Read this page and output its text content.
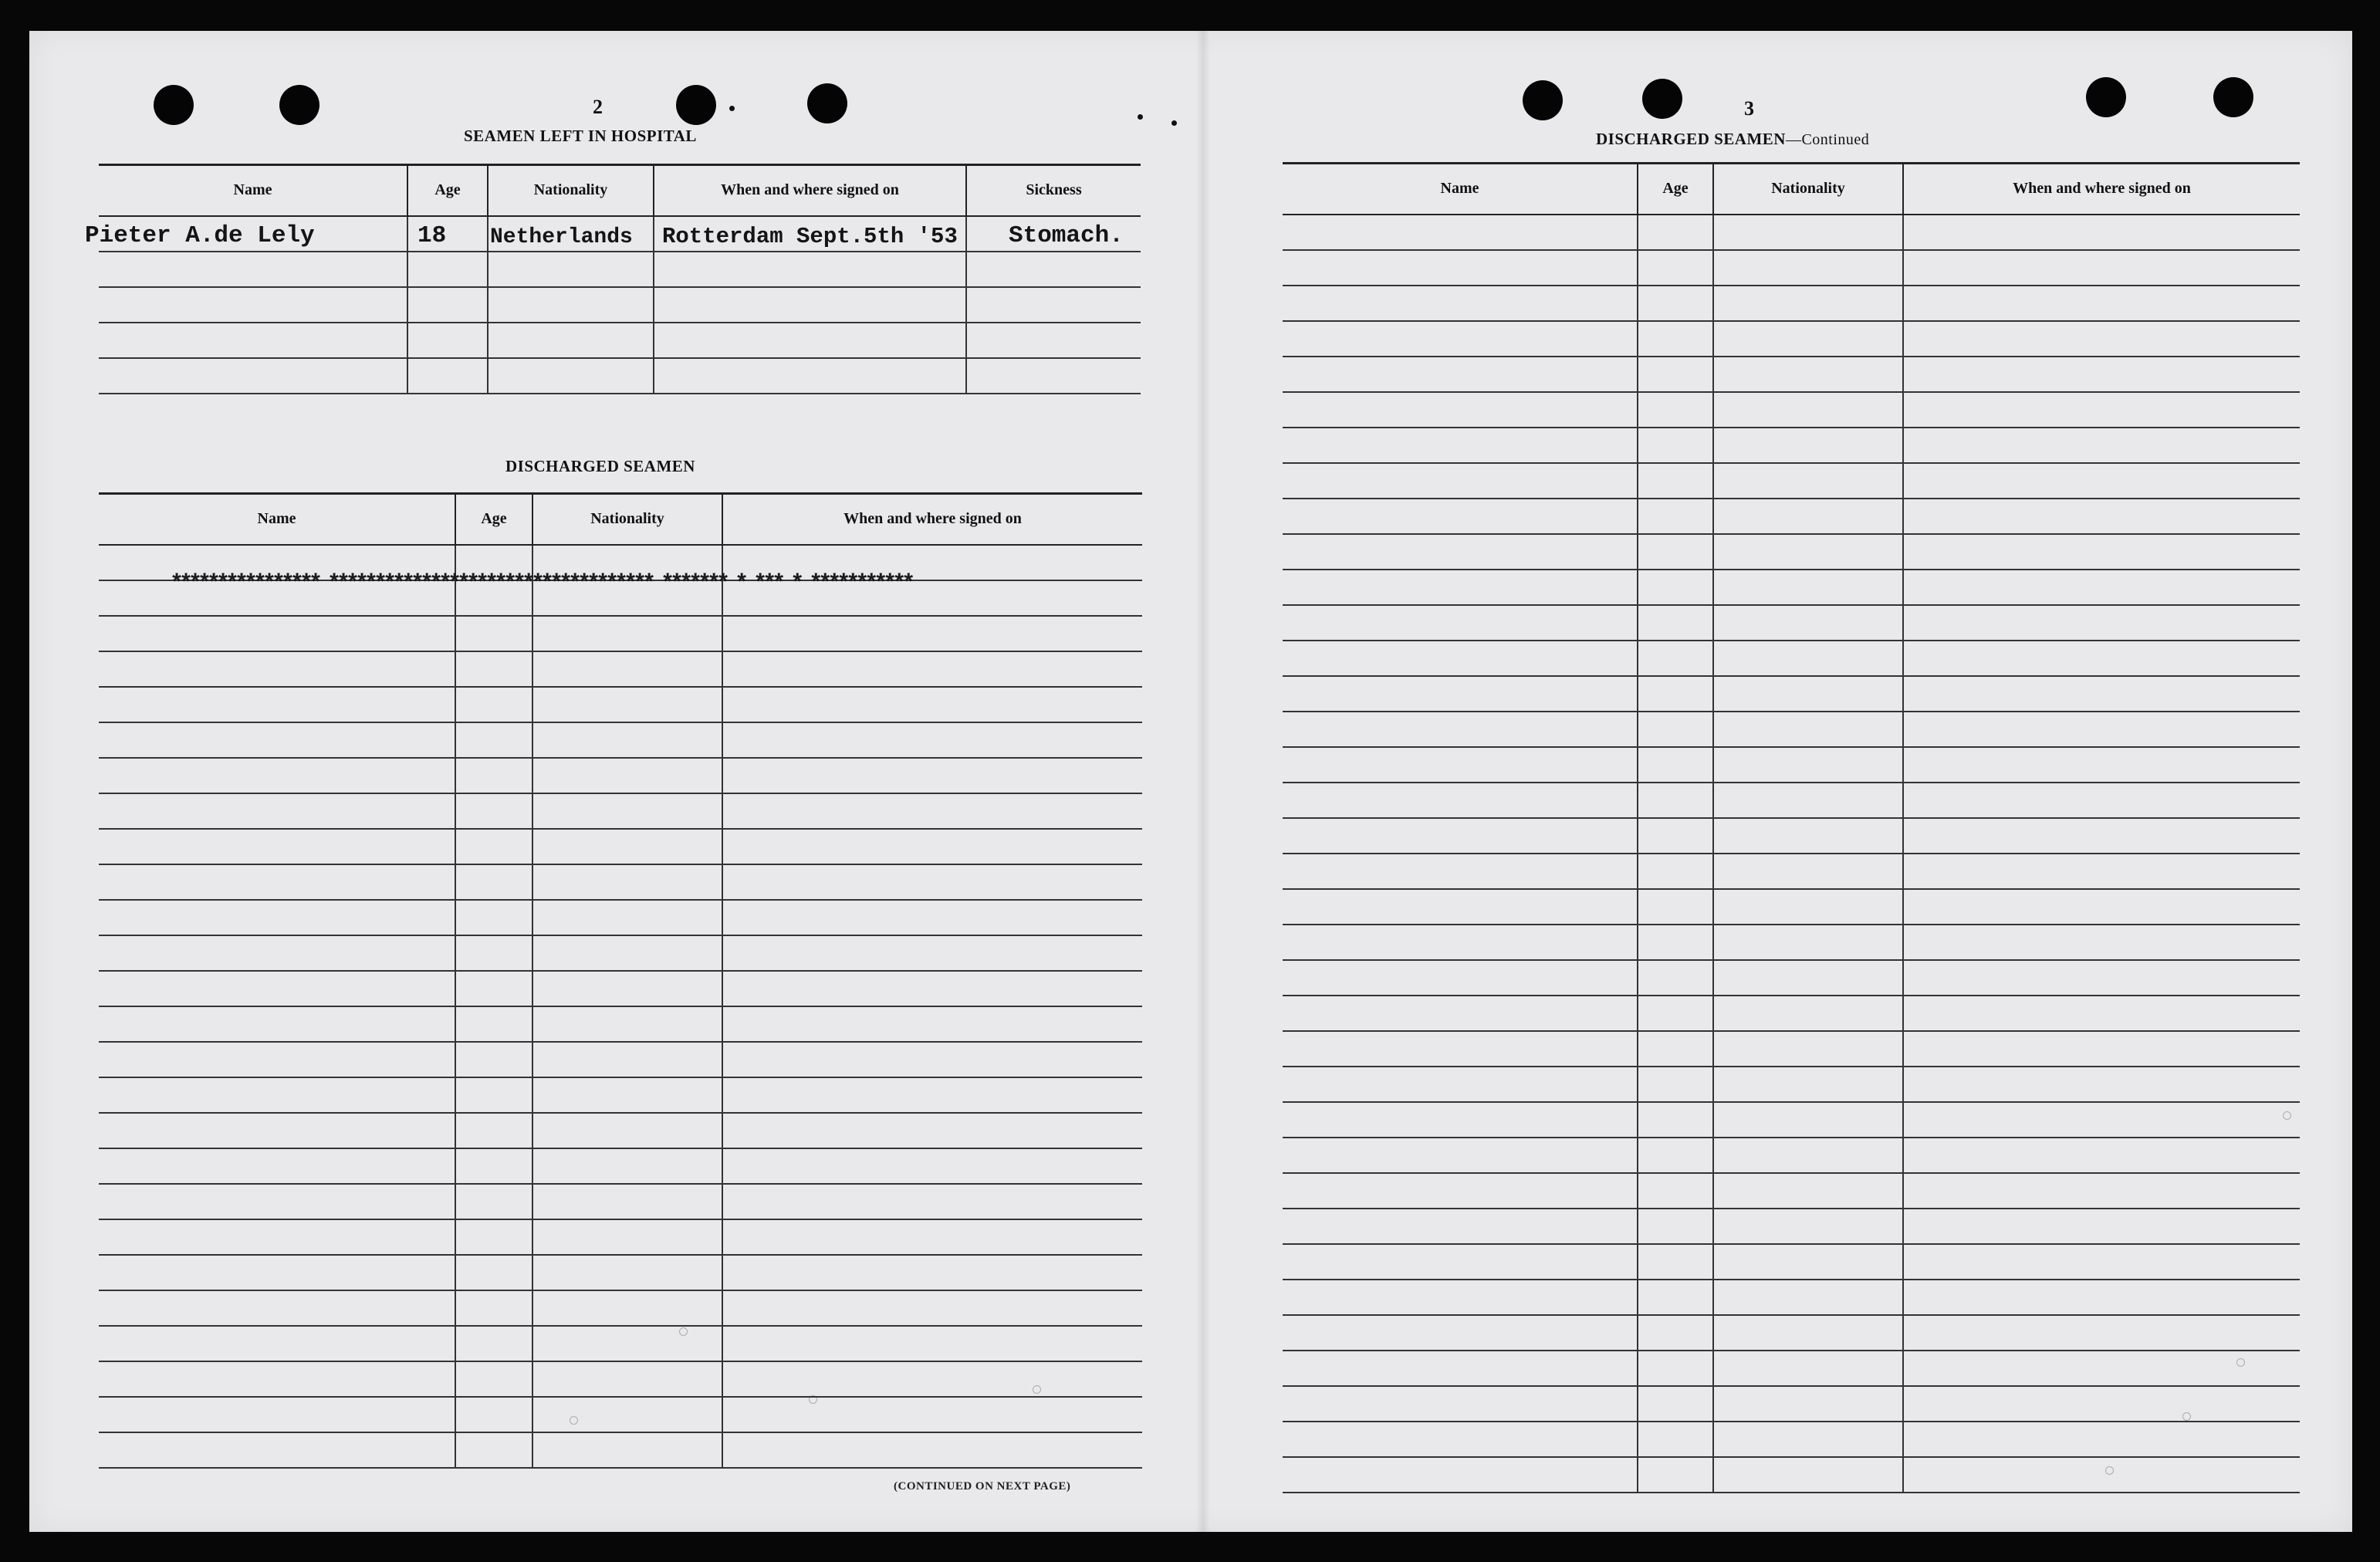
2
SEAMEN LEFT IN HOSPITAL
Name	Age	Nationality	When and where signed on	Sickness

Pieter A.de Lely	18	Netherlands	Rotterdam Sept.5th '53	Stomach.

DISCHARGED SEAMEN
Name	Age	Nationality	When and where signed on

**************** *********************************** ******* * *** * ***********
(CONTINUED ON NEXT PAGE)
3
DISCHARGED SEAMEN—Continued
Name	Age	Nationality	When and where signed on
